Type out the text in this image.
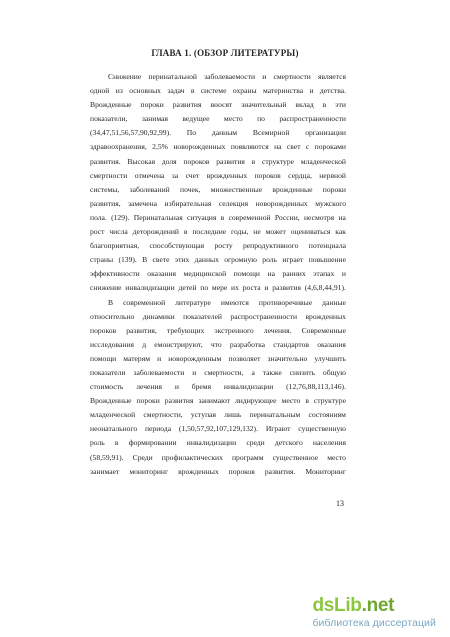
ГЛАВА 1. (ОБЗОР ЛИТЕРАТУРЫ)
Снижение перинатальной заболеваемости и смертности является
одной из основных задач в системе охраны материнства и детства.
Врожденные пороки развития вносят значительный вклад в эти
показатели, занимая ведущее место по распространенности
(34,47,51,56,57,90,92,99). По данным Всемирной организации
здравоохранения, 2,5% новорожденных появляются на свет с пороками
развития. Высокая доля пороков развития в структуре младенческой
смертности отмечена за счет врожденных пороков сердца, нервной
системы, заболеваний почек, множественные врожденные пороки
развития, замечена избирательная селекция новорожденных мужского
пола. (129). Перинатальная ситуация в современной России, несмотря на
рост числа деторождений в последние годы, не может оцениваться как
благоприятная, способствующая росту репродуктивного потенциала
страны (139). В свете этих данных огромную роль играет повышение
эффективности оказания медицинской помощи на ранних этапах и
снижение инвалидизации детей по мере их роста и развития (4,6,8,44,91).
В современной литературе имеются противоречивые данные
относительно динамики показателей распространенности врожденных
пороков развития, требующих экстренного лечения. Современные
исследования д емонстрируют, что разработка стандартов оказания
помощи матерям и новорожденным позволяет значительно улучшить
показатели заболеваемости и смертности, а также снизить общую
стоимость лечения и бремя инвалидизации (12,76,88,113,146).
Врожденные пороки развития занимают лидирующее место в структуре
младенческой смертности, уступая лишь перинатальным состояниям
неонатального периода (1,50,57,92,107,129,132). Играют существенную
роль в формировании инвалидизации среди детского населения
(58,59,91). Среди профилактических программ существенное место
занимает мониторинг врожденных пороков развития. Мониторинг
13
dsLib.net
библиотека диссертаций
